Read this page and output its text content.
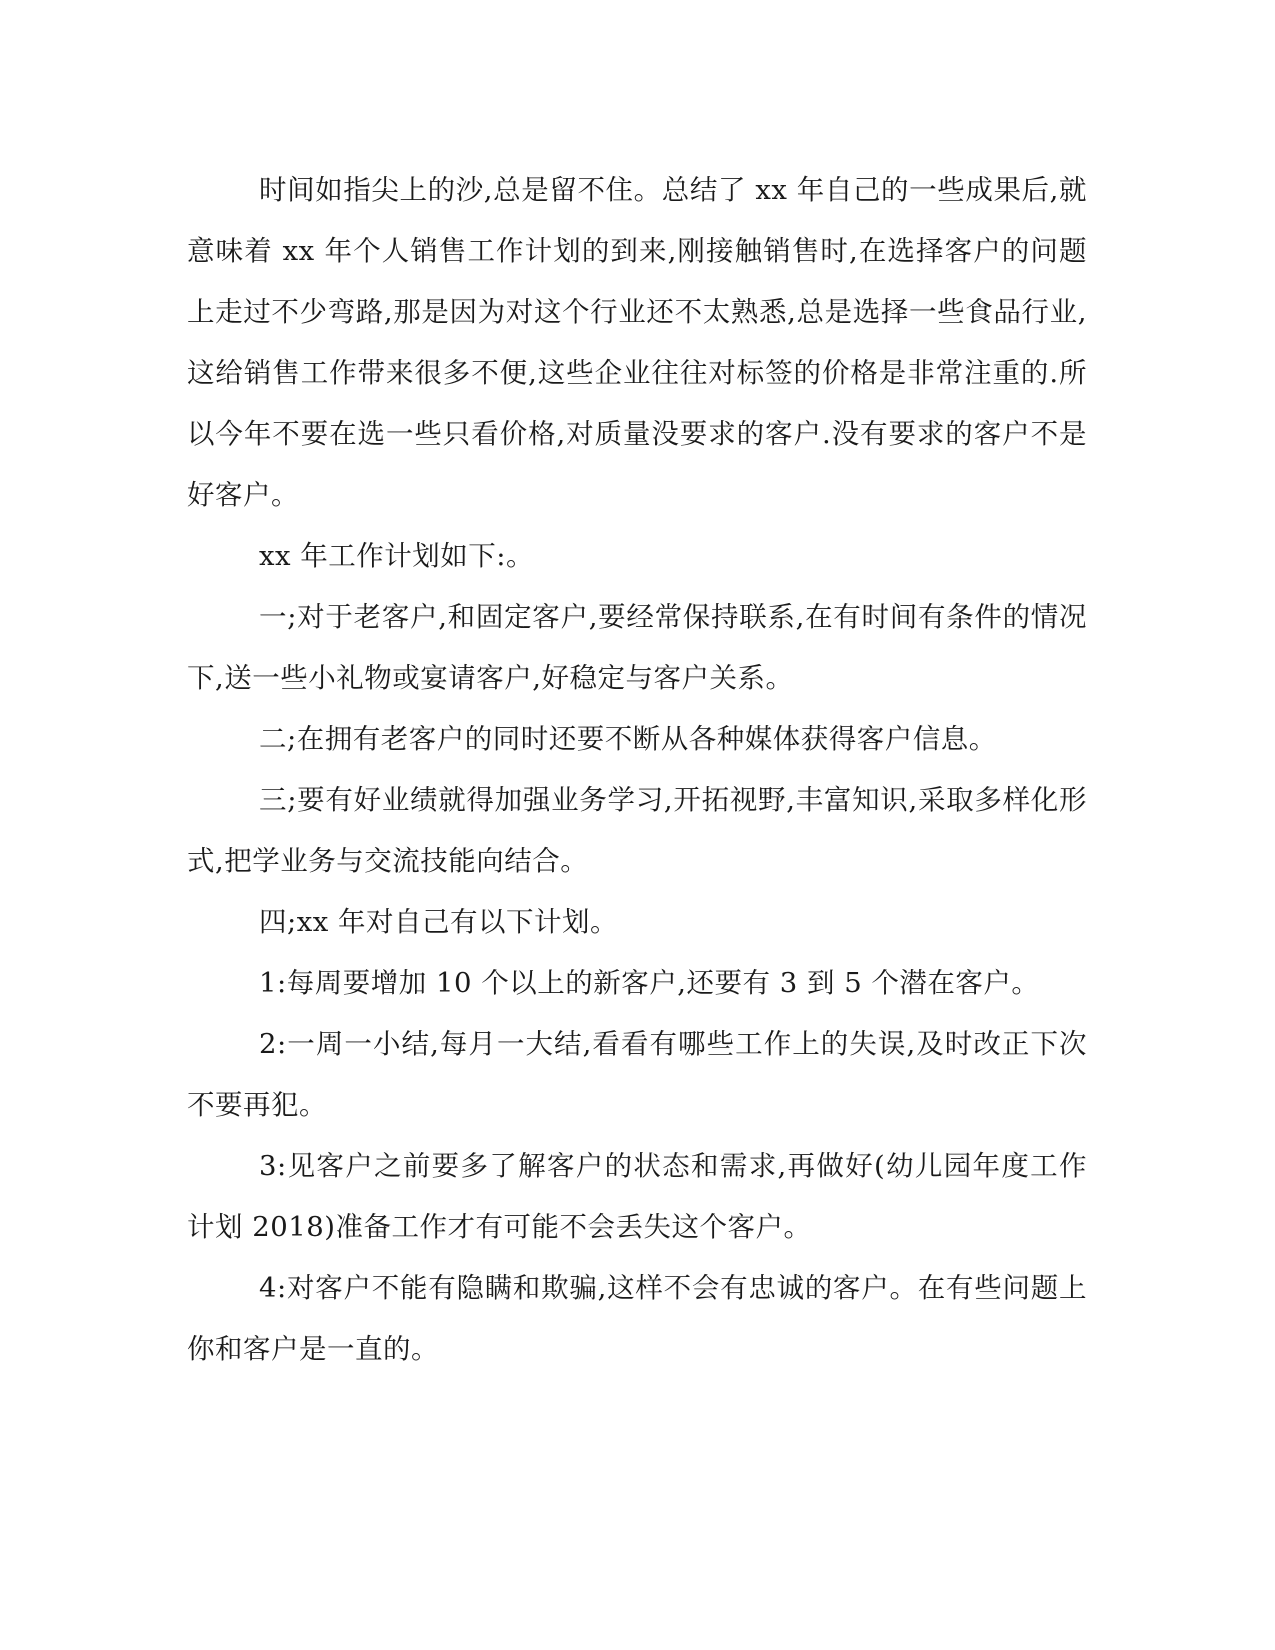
时间如指尖上的沙,总是留不住。总结了 xx 年自己的一些成果后,就意味着 xx 年个人销售工作计划的到来,刚接触销售时,在选择客户的问题上走过不少弯路,那是因为对这个行业还不太熟悉,总是选择一些食品行业,这给销售工作带来很多不便,这些企业往往对标签的价格是非常注重的.所以今年不要在选一些只看价格,对质量没要求的客户.没有要求的客户不是好客户。

xx 年工作计划如下:。

一;对于老客户,和固定客户,要经常保持联系,在有时间有条件的情况下,送一些小礼物或宴请客户,好稳定与客户关系。

二;在拥有老客户的同时还要不断从各种媒体获得客户信息。

三;要有好业绩就得加强业务学习,开拓视野,丰富知识,采取多样化形式,把学业务与交流技能向结合。

四;xx 年对自己有以下计划。

1:每周要增加 10 个以上的新客户,还要有 3 到 5 个潜在客户。

2:一周一小结,每月一大结,看看有哪些工作上的失误,及时改正下次不要再犯。

3:见客户之前要多了解客户的状态和需求,再做好(幼儿园年度工作计划 2018)准备工作才有可能不会丢失这个客户。

4:对客户不能有隐瞒和欺骗,这样不会有忠诚的客户。在有些问题上你和客户是一直的。
